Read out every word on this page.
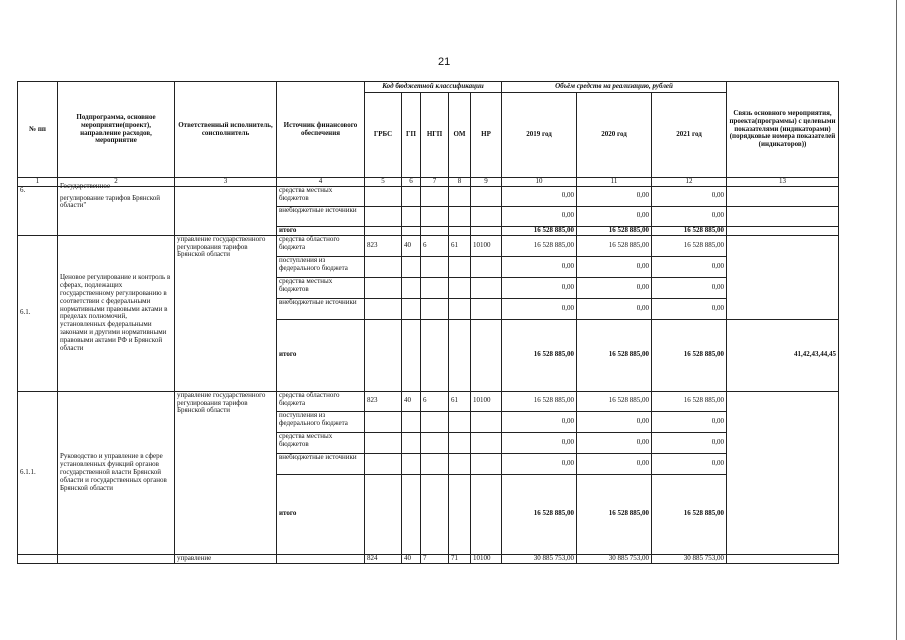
21
№ пп	Подпрограмма, основное мероприятие(проект), направление расходов, мероприятие	Ответственный исполнитель, соисполнитель	Источник финансового обеспечения	Код бюджетной классификации					Объём средств на реализацию, рублей			Связь основного мероприятия, проекта(программы) с целевыми показателями (индикаторами) (порядковые номера показателей (индикаторов))
				ГРБС	ГП	НГП	ОМ	НР	2019 год	2020 год	2021 год	
1	2	3	4	5	6	7	8	9	10	11	12	13
6.	Государственное
регулирование тарифов Брянской области"		средства местных бюджетов						0,00	0,00	0,00	
			внебюджетные источники						0,00	0,00	0,00	
			итого						16 528 885,00	16 528 885,00	16 528 885,00	
6.1.	Ценовое регулирование и контроль в сферах, подлежащих государственному регулированию в соответствии с федеральными нормативными правовыми актами в пределах полномочий, установленных федеральными законами и другими нормативными правовыми актами РФ и Брянской области	управление государственного регулирования тарифов Брянской области	средства областного бюджета	823	40	6	61	10100	16 528 885,00	16 528 885,00	16 528 885,00	
			поступления из федерального бюджета						0,00	0,00	0,00	
			средства местных бюджетов						0,00	0,00	0,00	
			внебюджетные источники						0,00	0,00	0,00	
			итого						16 528 885,00	16 528 885,00	16 528 885,00	41,42,43,44,45
6.1.1.	Руководство и управление в сфере установленных функций органов государственной власти Брянской области и государственных органов Брянской области	управление государственного регулирования тарифов Брянской области	средства областного бюджета	823	40	6	61	10100	16 528 885,00	16 528 885,00	16 528 885,00	
			поступления из федерального бюджета						0,00	0,00	0,00	
			средства местных бюджетов						0,00	0,00	0,00	
			внебюджетные источники						0,00	0,00	0,00	
			итого						16 528 885,00	16 528 885,00	16 528 885,00	
		управление		824	40	7	71	10100	30 885 753,00	30 885 753,00	30 885 753,00	
